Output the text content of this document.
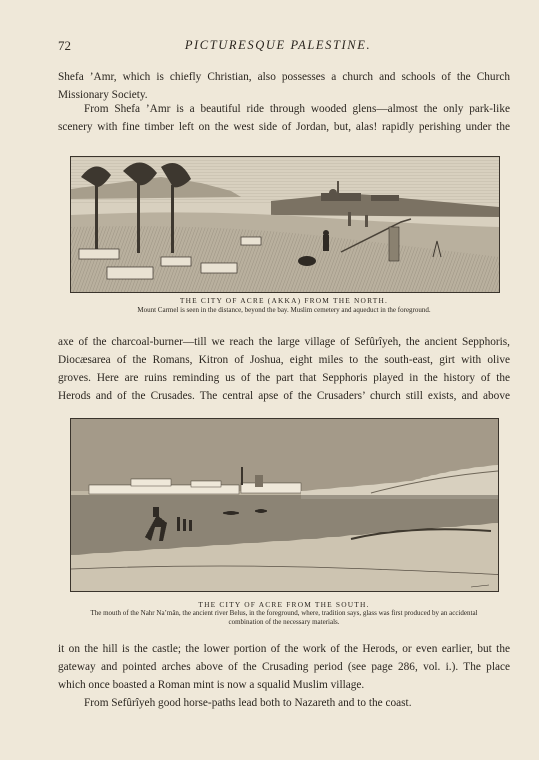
72	PICTURESQUE PALESTINE.

Shefa ’Amr, which is chiefly Christian, also possesses a church and schools of the Church
Missionary Society.

From Shefa ’Amr is a beautiful ride through wooded glens—almost the only park-like
scenery with fine timber left on the west side of Jordan, but, alas! rapidly perishing under the

THE CITY OF ACRE (AKKA) FROM THE NORTH.
Mount Carmel is seen in the distance, beyond the bay. Muslim cemetery and aqueduct in the foreground.

axe of the charcoal-burner—till we reach the large village of Sefûrîyeh, the ancient Sepphoris,
Diocæsarea of the Romans, Kitron of Joshua, eight miles to the south-east, girt with olive
groves. Here are ruins reminding us of the part that Sepphoris played in the history of the
Herods and of the Crusades. The central apse of the Crusaders’ church still exists, and above

THE CITY OF ACRE FROM THE SOUTH.
The mouth of the Nahr Na’mân, the ancient river Belus, in the foreground, where, tradition says, glass was first produced by an accidental
combination of the necessary materials.

it on the hill is the castle; the lower portion of the work of the Herods, or even earlier, but the
gateway and pointed arches above of the Crusading period (see page 286, vol. i.). The place
which once boasted a Roman mint is now a squalid Muslim village.

From Sefûrîyeh good horse-paths lead both to Nazareth and to the coast.
